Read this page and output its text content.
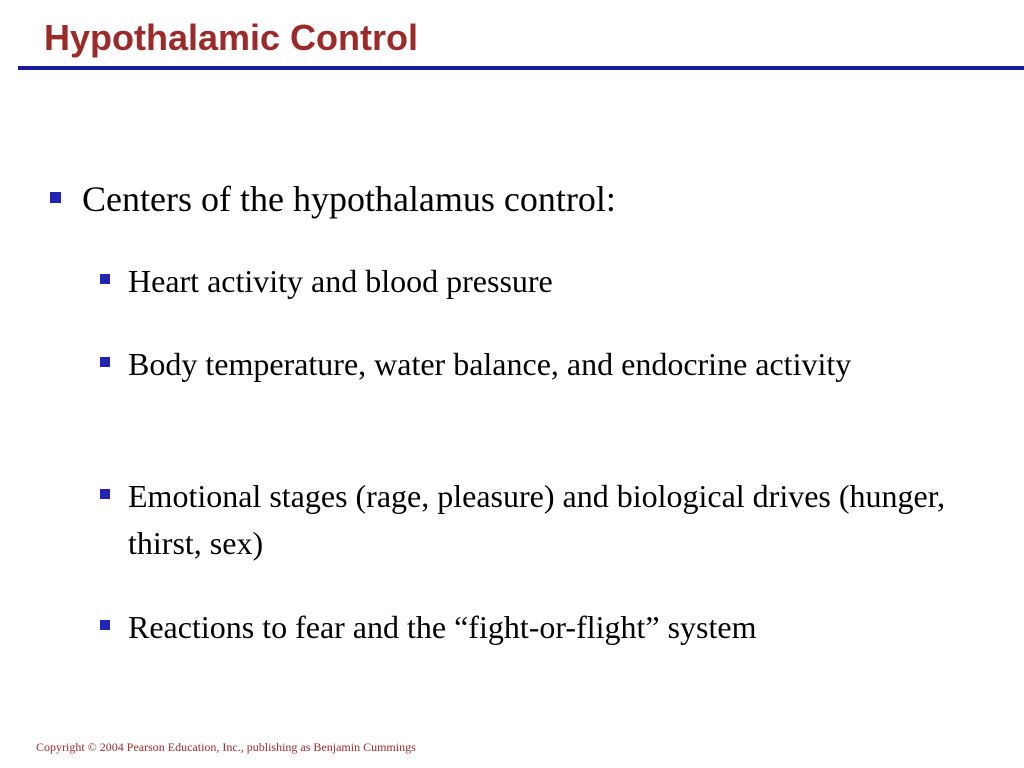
Hypothalamic Control
Centers of the hypothalamus control:
Heart activity and blood pressure
Body temperature, water balance, and endocrine activity
Emotional stages (rage, pleasure) and biological drives (hunger, thirst, sex)
Reactions to fear and the “fight-or-flight” system

Copyright © 2004 Pearson Education, Inc., publishing as Benjamin Cummings
